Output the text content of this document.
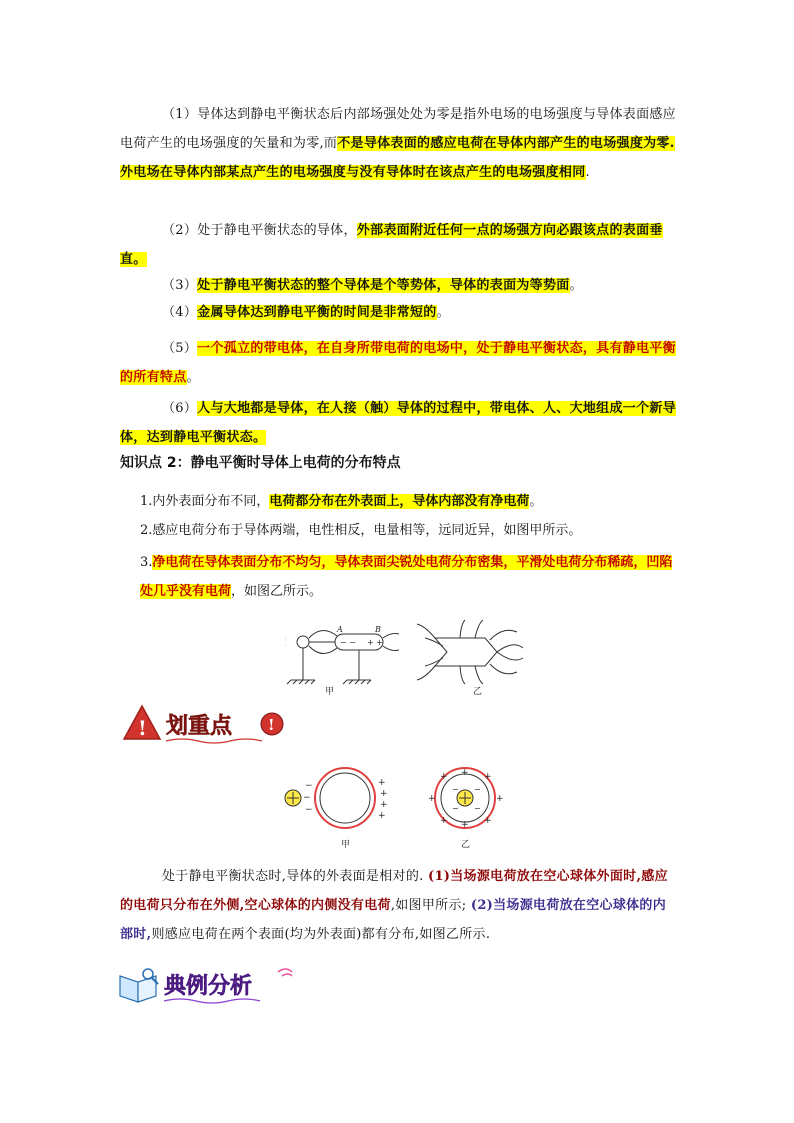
（1）导体达到静电平衡状态后内部场强处处为零是指外电场的电场强度与导体表面感应电荷产生的电场强度的矢量和为零,而不是导体表面的感应电荷在导体内部产生的电场强度为零.外电场在导体内部某点产生的电场强度与没有导体时在该点产生的电场强度相同.
（2）处于静电平衡状态的导体，外部表面附近任何一点的场强方向必跟该点的表面垂直。
（3）处于静电平衡状态的整个导体是个等势体，导体的表面为等势面。
（4）金属导体达到静电平衡的时间是非常短的。
（5）一个孤立的带电体，在自身所带电荷的电场中，处于静电平衡状态，具有静电平衡的所有特点。
（6）人与大地都是导体，在人接（触）导体的过程中，带电体、人、大地组成一个新导体，达到静电平衡状态。
知识点 2：静电平衡时导体上电荷的分布特点
1.内外表面分布不同，电荷都分布在外表面上，导体内部没有净电荷。
2.感应电荷分布于导体两端，电性相反，电量相等，远同近异，如图甲所示。
3.净电荷在导体表面分布不均匀，导体表面尖锐处电荷分布密集，平滑处电荷分布稀疏，凹陷处几乎没有电荷，如图乙所示。
A	B
− − + +
甲	乙
! 划重点 !
−
−
−
+
+
+
+
甲
− −
− −
+
+
+	+
+	+
+	+
乙
处于静电平衡状态时,导体的外表面是相对的. (1)当场源电荷放在空心球体外面时,感应的电荷只分布在外侧,空心球体的内侧没有电荷,如图甲所示; (2)当场源电荷放在空心球体的内部时,则感应电荷在两个表面(均为外表面)都有分布,如图乙所示.
典例分析
